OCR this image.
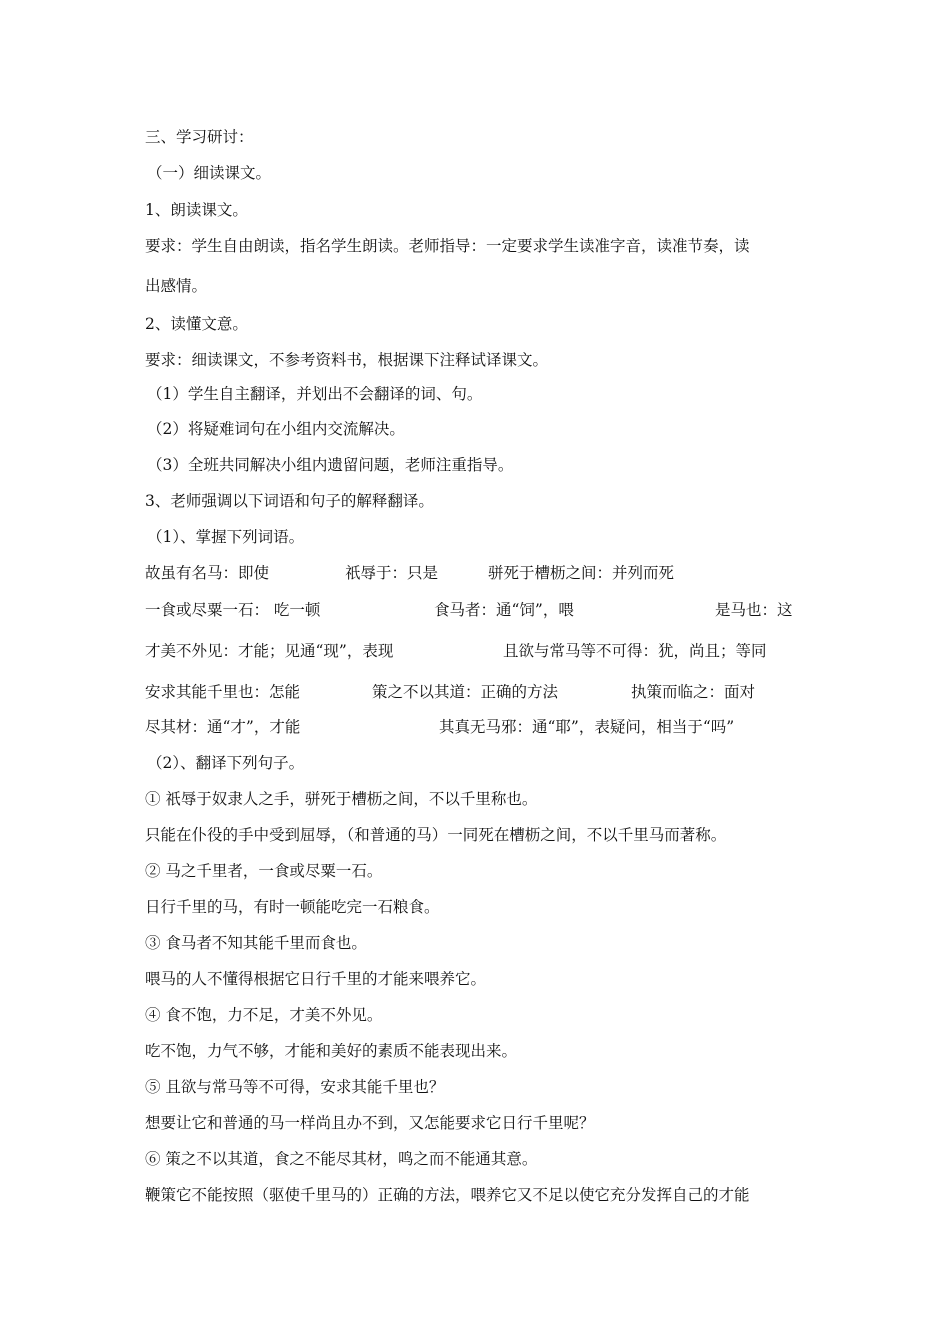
三、学习研讨：
（一）细读课文。
1、朗读课文。
要求：学生自由朗读，指名学生朗读。老师指导：一定要求学生读准字音，读准节奏，读
出感情。
2、读懂文意。
要求：细读课文，不参考资料书，根据课下注释试译课文。
（1）学生自主翻译，并划出不会翻译的词、句。
（2）将疑难词句在小组内交流解决。
（3）全班共同解决小组内遗留问题，老师注重指导。
3、老师强调以下词语和句子的解释翻译。
（1）、掌握下列词语。
故虽有名马：即使	祇辱于：只是	骈死于槽枥之间：并列而死
一食或尽粟一石： 吃一顿	食马者：通“饲”，喂	是马也：这
才美不外见：才能；见通“现”，表现	且欲与常马等不可得：犹，尚且；等同
安求其能千里也：怎能	策之不以其道：正确的方法	执策而临之：面对
尽其材：通“才”，才能	其真无马邪：通“耶”，表疑问，相当于“吗”
（2）、翻译下列句子。
① 祇辱于奴隶人之手，骈死于槽枥之间，不以千里称也。
只能在仆役的手中受到屈辱，（和普通的马）一同死在槽枥之间，不以千里马而著称。
② 马之千里者，一食或尽粟一石。
日行千里的马，有时一顿能吃完一石粮食。
③ 食马者不知其能千里而食也。
喂马的人不懂得根据它日行千里的才能来喂养它。
④ 食不饱，力不足，才美不外见。
吃不饱，力气不够，才能和美好的素质不能表现出来。
⑤ 且欲与常马等不可得，安求其能千里也？
想要让它和普通的马一样尚且办不到，又怎能要求它日行千里呢？
⑥ 策之不以其道，食之不能尽其材，鸣之而不能通其意。
鞭策它不能按照（驱使千里马的）正确的方法，喂养它又不足以使它充分发挥自己的才能
